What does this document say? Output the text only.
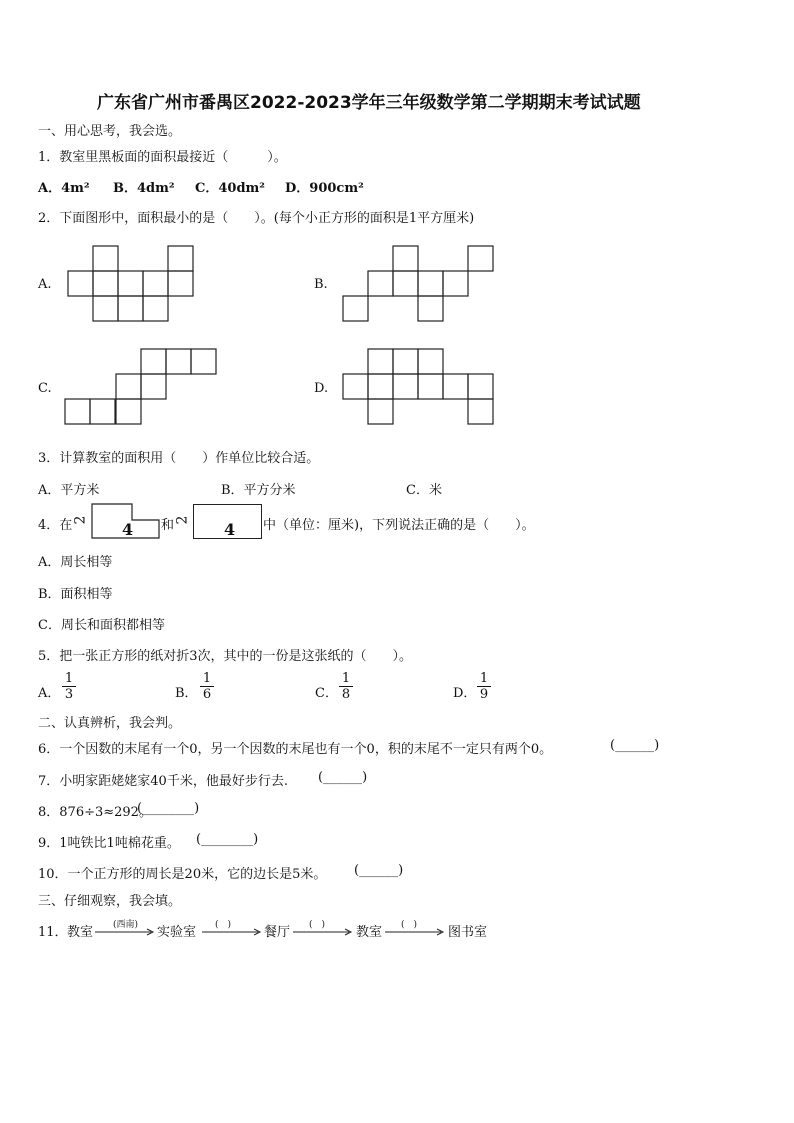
广东省广州市番禺区2022-2023学年三年级数学第二学期期末考试试题
一、用心思考，我会选。
1．教室里黑板面的面积最接近（　　　）。
A．4m² B．4dm² C．40dm² D．900cm²
2．下面图形中，面积最小的是（　　）。(每个小正方形的面积是1平方厘米)
A.	B.
C.	D.
3．计算教室的面积用（　　）作单位比较合适。
A．平方米	B．平方分米	C．米
4．在 2 4 和 2 4 中（单位：厘米)，下列说法正确的是（　　）。
A．周长相等
B．面积相等
C．周长和面积都相等
5．把一张正方形的纸对折3次，其中的一份是这张纸的（　　）。
A． $\frac{1}{3}$	B． $\frac{1}{6}$	C． $\frac{1}{8}$	D． $\frac{1}{9}$
二、认真辨析，我会判。
6．一个因数的末尾有一个0，另一个因数的末尾也有一个0，积的末尾不一定只有两个0。	(______)
7．小明家距姥姥家40千米，他最好步行去. (______)
8．876÷3≈292。
(________)
9．1吨铁比1吨棉花重。 (________)
10．一个正方形的周长是20米，它的边长是5米。 (______)
三、仔细观察，我会填。
11． 教室 (西南) 实验室 (　)	餐厅 (　) 教室 (　) 图书室
